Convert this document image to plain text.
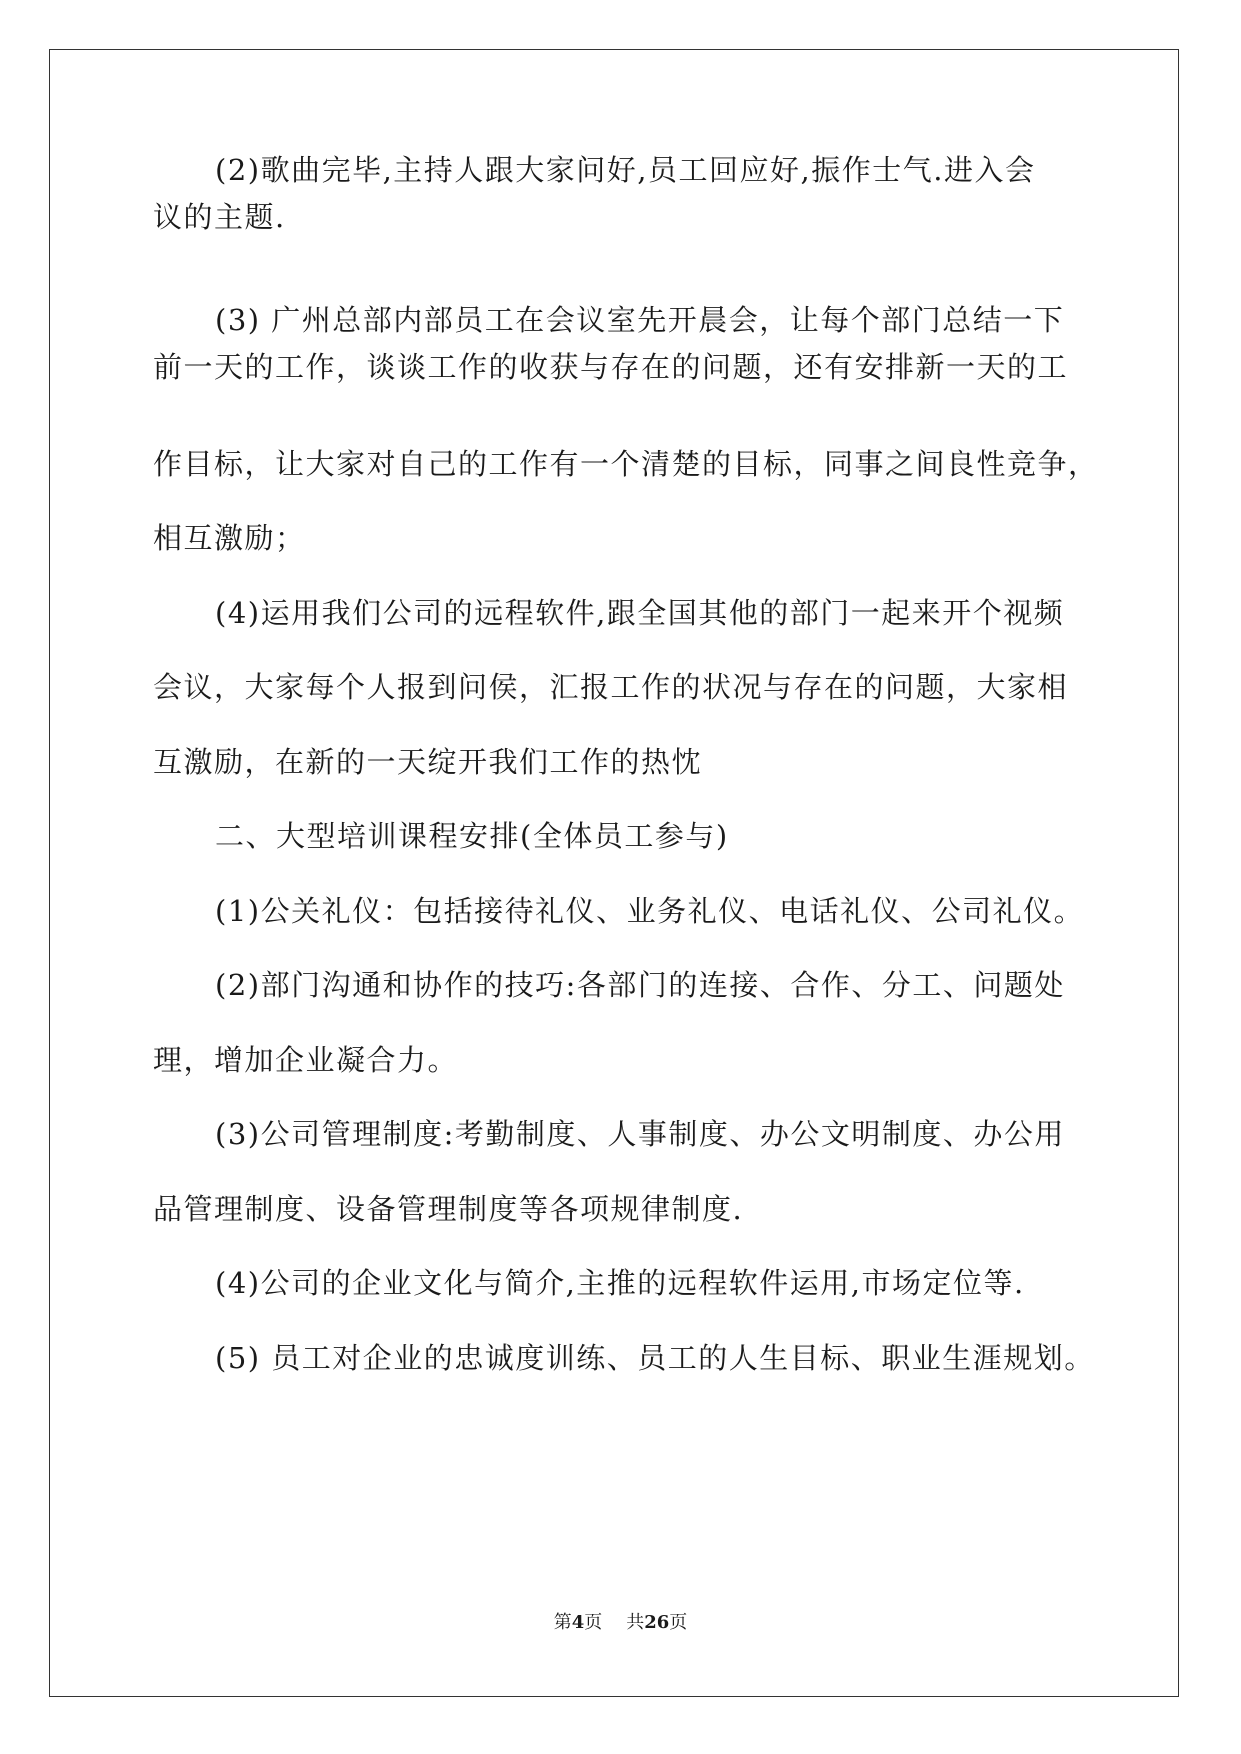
(2)歌曲完毕,主持人跟大家问好,员工回应好,振作士气.进入会
议的主题.
(3) 广州总部内部员工在会议室先开晨会，让每个部门总结一下
前一天的工作，谈谈工作的收获与存在的问题，还有安排新一天的工
作目标，让大家对自己的工作有一个清楚的目标，同事之间良性竞争，
相互激励；
(4)运用我们公司的远程软件,跟全国其他的部门一起来开个视频
会议，大家每个人报到问侯，汇报工作的状况与存在的问题，大家相
互激励，在新的一天绽开我们工作的热忱
二、大型培训课程安排(全体员工参与)
(1)公关礼仪：包括接待礼仪、业务礼仪、电话礼仪、公司礼仪。
(2)部门沟通和协作的技巧:各部门的连接、合作、分工、问题处
理，增加企业凝合力。
(3)公司管理制度:考勤制度、人事制度、办公文明制度、办公用
品管理制度、设备管理制度等各项规律制度.
(4)公司的企业文化与简介,主推的远程软件运用,市场定位等.
(5) 员工对企业的忠诚度训练、员工的人生目标、职业生涯规划。
第4页 共26页
